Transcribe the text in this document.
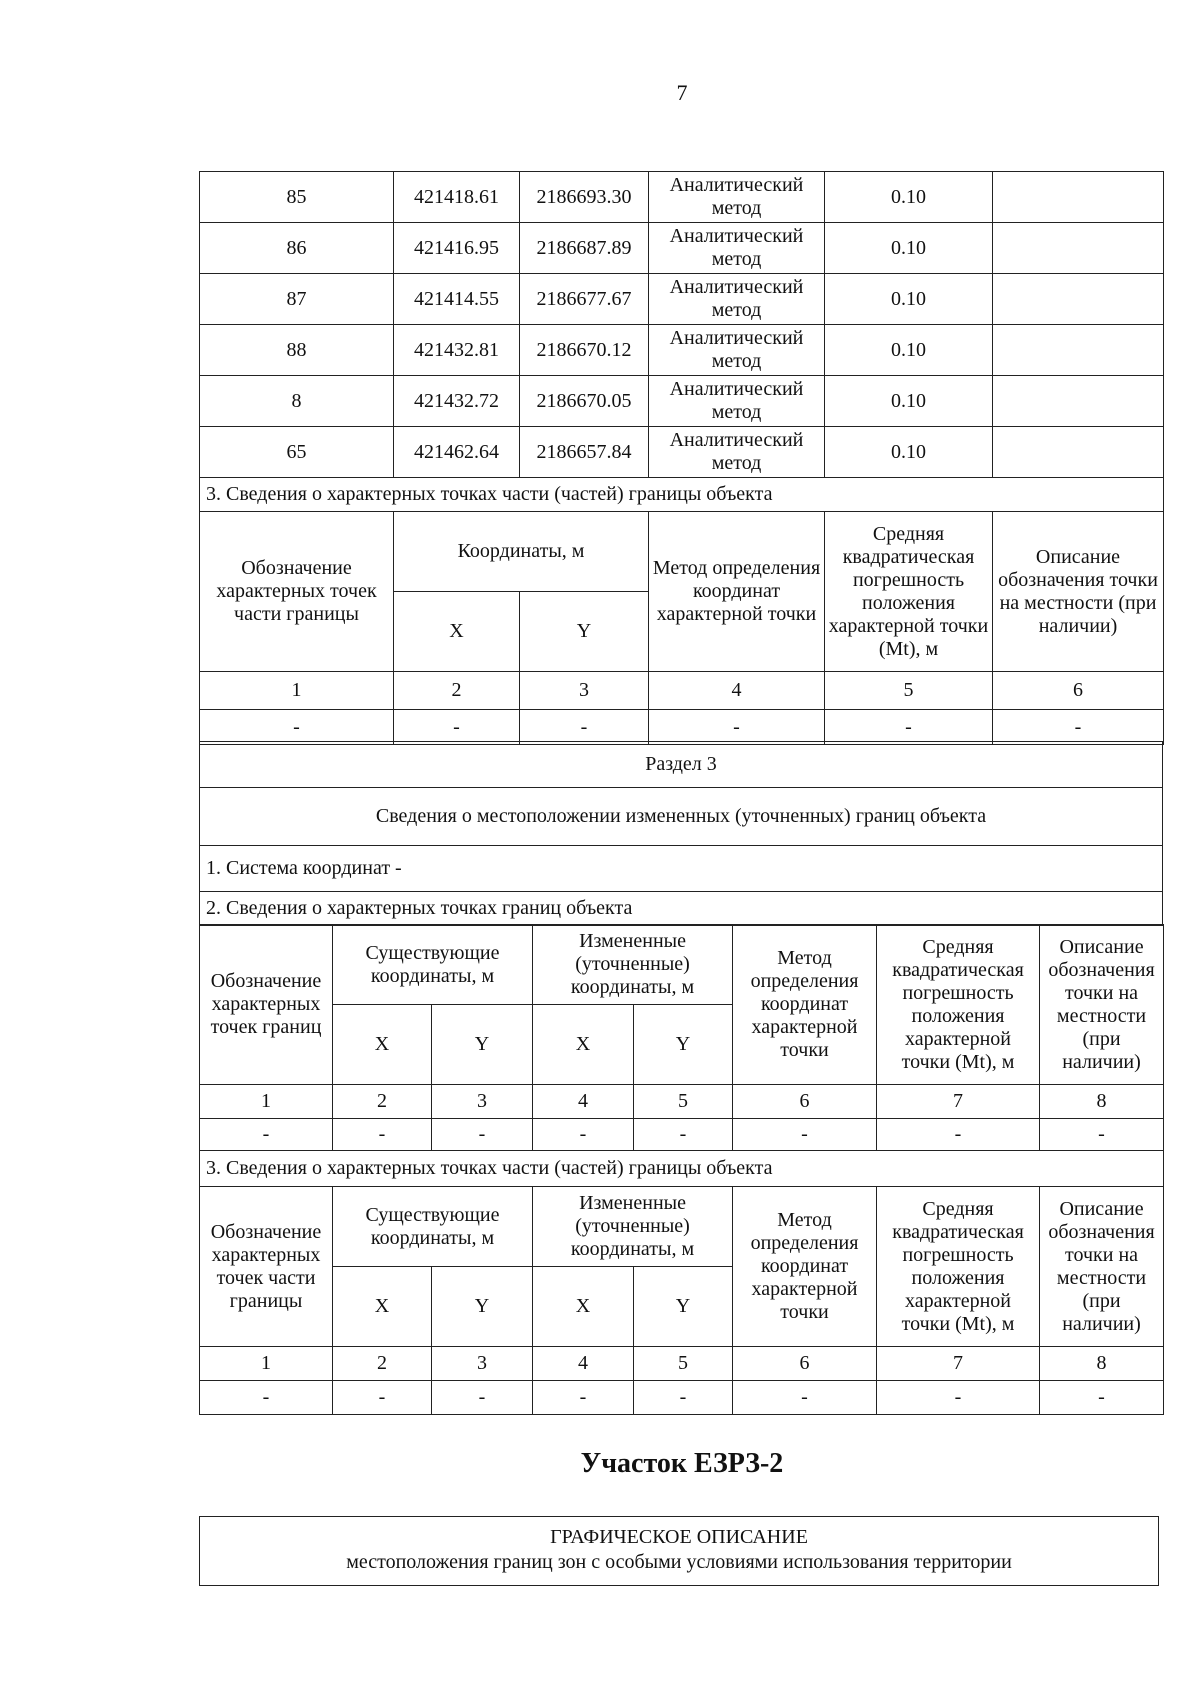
7
85	421418.61	2186693.30	Аналитический метод	0.10	
86	421416.95	2186687.89	Аналитический метод	0.10	
87	421414.55	2186677.67	Аналитический метод	0.10	
88	421432.81	2186670.12	Аналитический метод	0.10	
8	421432.72	2186670.05	Аналитический метод	0.10	
65	421462.64	2186657.84	Аналитический метод	0.10	
3. Сведения о характерных точках части (частей) границы объекта					
Обозначение характерных точек части границы	Координаты, м		Метод определения координат характерной точки	Средняя квадратическая погрешность положения характерной точки (Mt), м	Описание обозначения точки на местности (при наличии)
	X	Y			
1	2	3	4	5	6
-	-	-	-	-	-
Раздел 3
Сведения о местоположении измененных (уточненных) границ объекта
1. Система координат -
2. Сведения о характерных точках границ объекта
Обозначение характерных точек границ	Существующие координаты, м		Измененные (уточненные) координаты, м		Метод определения координат характерной точки	Средняя квадратическая погрешность положения характерной точки (Mt), м	Описание обозначения точки на местности (при наличии)
	X	Y	X	Y			
1	2	3	4	5	6	7	8
-	-	-	-	-	-	-	-
3. Сведения о характерных точках части (частей) границы объекта							
Обозначение характерных точек части границы	Существующие координаты, м		Измененные (уточненные) координаты, м		Метод определения координат характерной точки	Средняя квадратическая погрешность положения характерной точки (Mt), м	Описание обозначения точки на местности (при наличии)
	X	Y	X	Y			
1	2	3	4	5	6	7	8
-	-	-	-	-	-	-	-
Участок ЕЗРЗ-2
ГРАФИЧЕСКОЕ ОПИСАНИЕ
местоположения границ зон с особыми условиями использования территории
